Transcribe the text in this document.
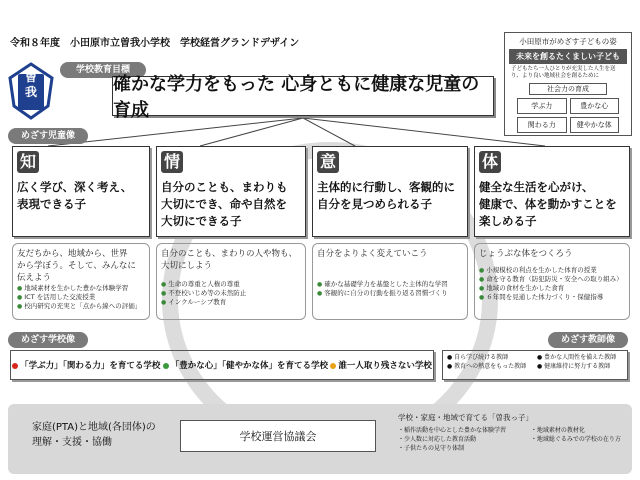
令和８年度　小田原市立曽我小学校　学校経営グランドデザイン
曽
我
学校教育目標
確かな学力をもった 心身ともに健康な児童の育成
小田原市がめざす子どもの姿
未来を創るたくましい子ども
子どもたち一人ひとりが充実した人生を送り、より良い地域社会を創るために
社会力の育成
学ぶ力	豊かな心
関わる力	健やかな体
めざす児童像
知
広く学び、深く考え、
表現できる子
情
自分のことも、まわりも
大切にでき、命や自然を
大切にできる子
意
主体的に行動し、客観的に
自分を見つめられる子
体
健全な生活を心がけ、
健康で、体を動かすことを
楽しめる子
友だちから、地域から、世界
から学ぼう。そして、みんなに
伝えよう
● 地域素材を生かした豊かな体験学習
● ICT を活用した交流授業
● 校内研究の充実と「点から線への評価」
自分のことも、まわりの人や物も、
大切にしよう
● 生命の尊重と人権の尊重
● 不登校いじめ等の未然防止
● インクルーシブ教育
自分をよりよく変えていこう
● 確かな基礎学力を基盤とした主体的な学習
● 客観的に自分の行動を振り返る習慣づくり
じょうぶな体をつくろう
● 小規模校の利点を生かした体育の授業
● 命を守る教育（防犯防災・安全への取り組み）
● 地域の食材を生かした食育
● ６年間を見通した体力づくり・保健指導
めざす学校像
「学ぶ力」「関わる力」を育てる学校	「豊かな心」「健やかな体」を育てる学校	誰一人取り残さない学校
めざす教師像
● 自ら学び続ける教師	● 豊かな人間性を備えた教師
● 教育への熱意をもった教師	● 健康維持に努力する教師
家庭(PTA)と地域(各団体)の
理解・支援・協働	学校運営協議会
学校・家庭・地域で育てる「曽我っ子」
・稲作活動を中心とした豊かな体験学習	・地域素材の教材化
・少人数に対応した教育活動	・地域総ぐるみでの学校の在り方
・子供たちの見守り体制
